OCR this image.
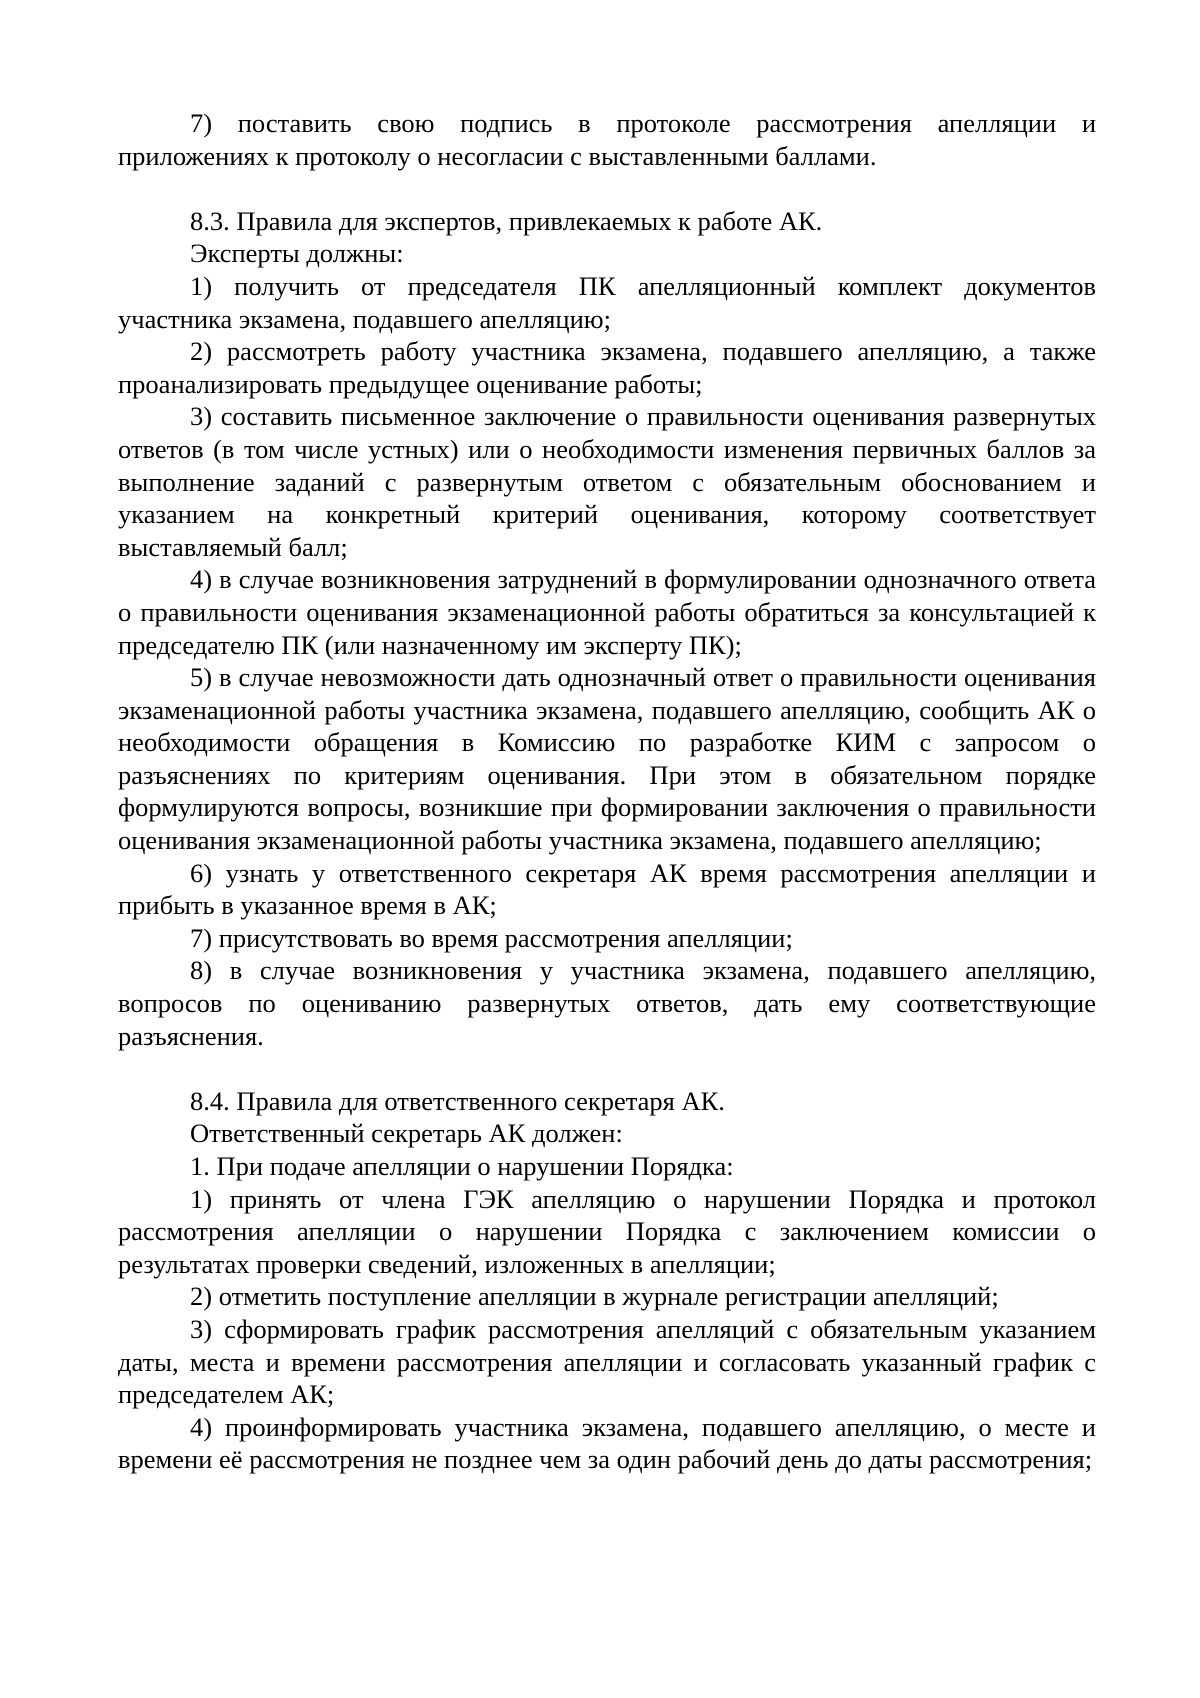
7) поставить свою подпись в протоколе рассмотрения апелляции и приложениях к протоколу о несогласии с выставленными баллами.

8.3. Правила для экспертов, привлекаемых к работе АК.

Эксперты должны:

1) получить от председателя ПК апелляционный комплект документов участника экзамена, подавшего апелляцию;

2) рассмотреть работу участника экзамена, подавшего апелляцию, а также проанализировать предыдущее оценивание работы;

3) составить письменное заключение о правильности оценивания развернутых ответов (в том числе устных) или о необходимости изменения первичных баллов за выполнение заданий с развернутым ответом с обязательным обоснованием и указанием на конкретный критерий оценивания, которому соответствует выставляемый балл;

4) в случае возникновения затруднений в формулировании однозначного ответа о правильности оценивания экзаменационной работы обратиться за консультацией к председателю ПК (или назначенному им эксперту ПК);

5) в случае невозможности дать однозначный ответ о правильности оценивания экзаменационной работы участника экзамена, подавшего апелляцию, сообщить АК о необходимости обращения в Комиссию по разработке КИМ с запросом о разъяснениях по критериям оценивания. При этом в обязательном порядке формулируются вопросы, возникшие при формировании заключения о правильности оценивания экзаменационной работы участника экзамена, подавшего апелляцию;

6) узнать у ответственного секретаря АК время рассмотрения апелляции и прибыть в указанное время в АК;

7) присутствовать во время рассмотрения апелляции;

8) в случае возникновения у участника экзамена, подавшего апелляцию, вопросов по оцениванию развернутых ответов, дать ему соответствующие разъяснения.

8.4. Правила для ответственного секретаря АК.

Ответственный секретарь АК должен:

1. При подаче апелляции о нарушении Порядка:

1) принять от члена ГЭК апелляцию о нарушении Порядка и протокол рассмотрения апелляции о нарушении Порядка с заключением комиссии о результатах проверки сведений, изложенных в апелляции;

2) отметить поступление апелляции в журнале регистрации апелляций;

3) сформировать график рассмотрения апелляций с обязательным указанием даты, места и времени рассмотрения апелляции и согласовать указанный график с председателем АК;

4) проинформировать участника экзамена, подавшего апелляцию, о месте и времени её рассмотрения не позднее чем за один рабочий день до даты рассмотрения;
